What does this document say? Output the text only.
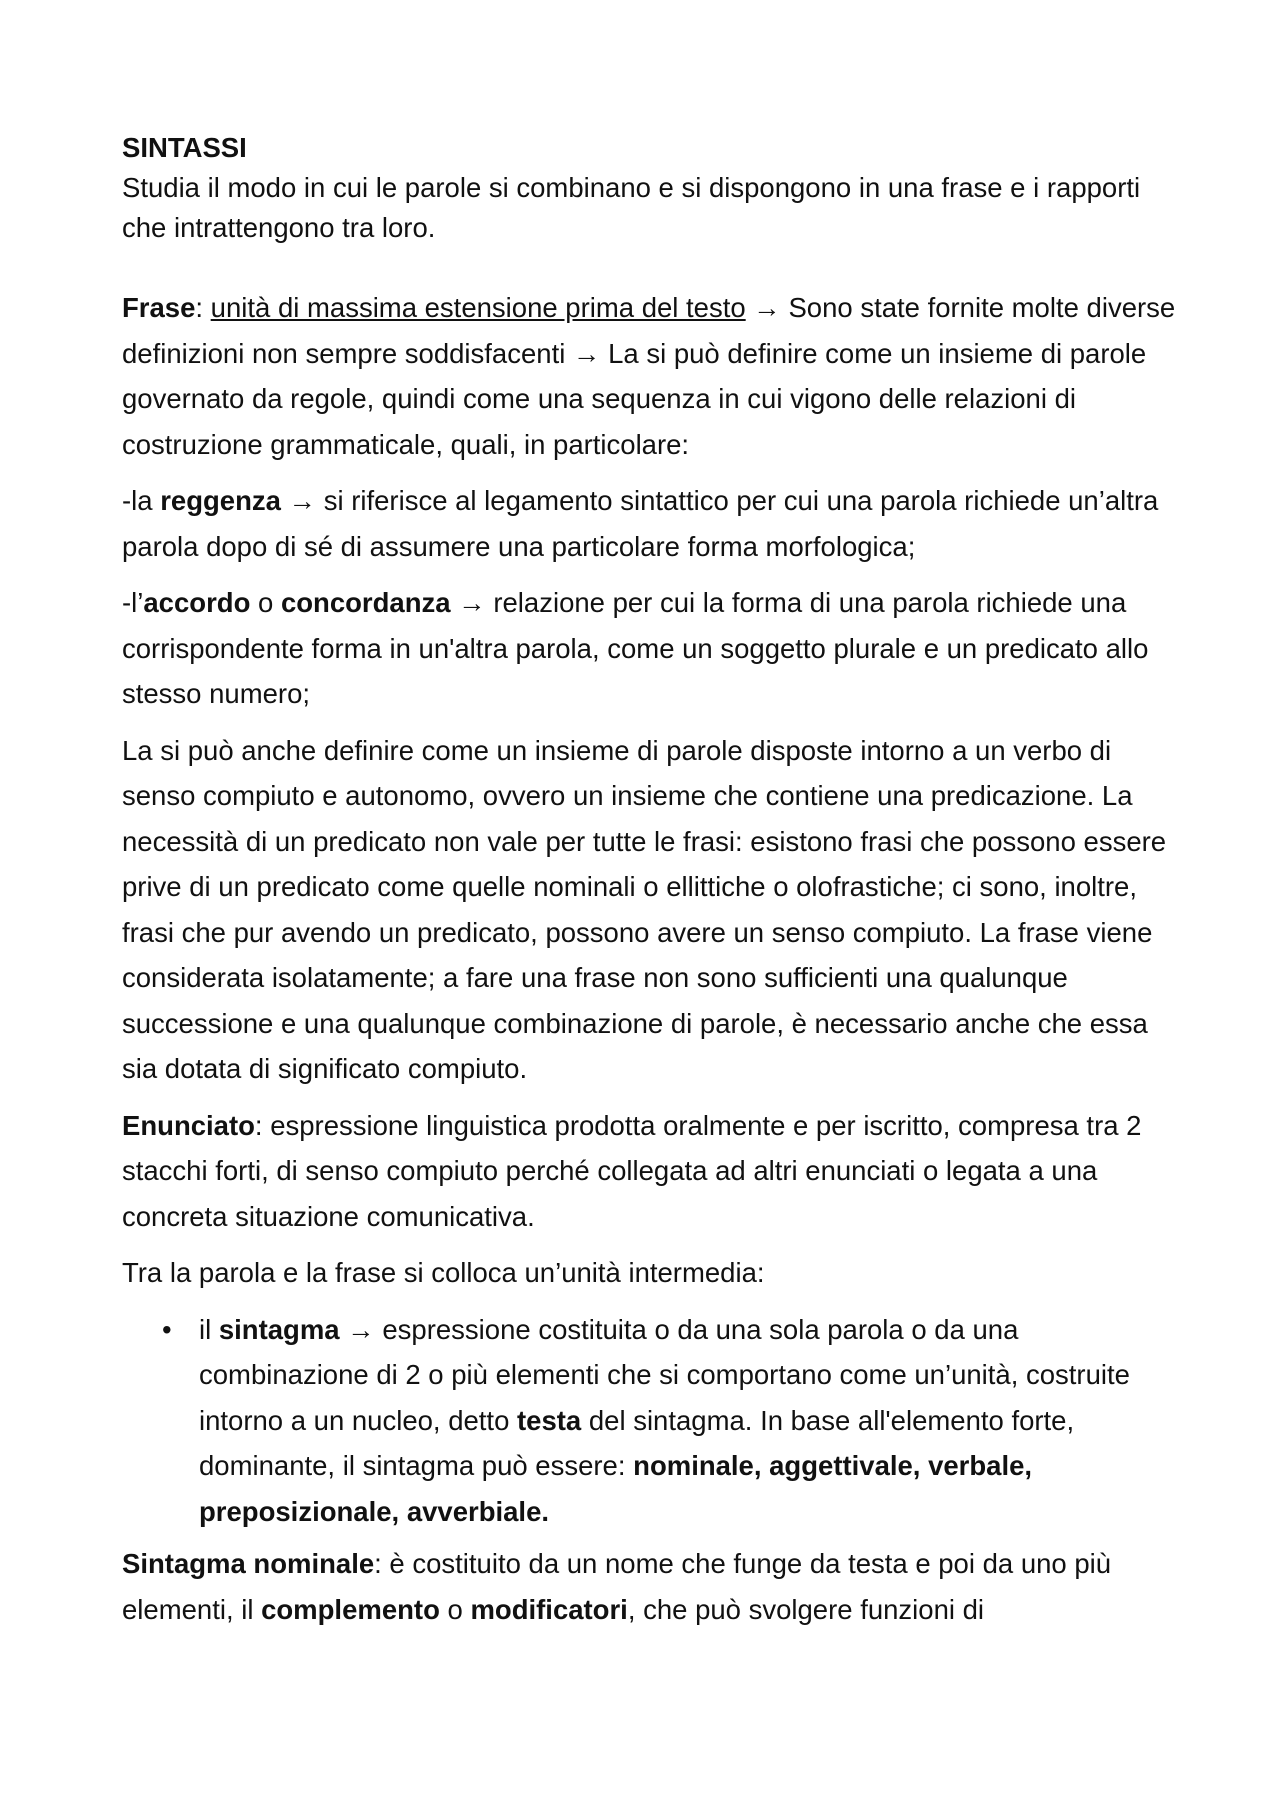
SINTASSI
Studia il modo in cui le parole si combinano e si dispongono in una frase e i rapporti che intrattengono tra loro.

Frase: unità di massima estensione prima del testo → Sono state fornite molte diverse definizioni non sempre soddisfacenti → La si può definire come un insieme di parole governato da regole, quindi come una sequenza in cui vigono delle relazioni di costruzione grammaticale, quali, in particolare:

-la reggenza → si riferisce al legamento sintattico per cui una parola richiede un’altra parola dopo di sé di assumere una particolare forma morfologica;

-l’accordo o concordanza → relazione per cui la forma di una parola richiede una corrispondente forma in un'altra parola, come un soggetto plurale e un predicato allo stesso numero;

La si può anche definire come un insieme di parole disposte intorno a un verbo di senso compiuto e autonomo, ovvero un insieme che contiene una predicazione. La necessità di un predicato non vale per tutte le frasi: esistono frasi che possono essere prive di un predicato come quelle nominali o ellittiche o olofrastiche; ci sono, inoltre, frasi che pur avendo un predicato, possono avere un senso compiuto. La frase viene considerata isolatamente; a fare una frase non sono sufficienti una qualunque successione e una qualunque combinazione di parole, è necessario anche che essa sia dotata di significato compiuto.

Enunciato: espressione linguistica prodotta oralmente e per iscritto, compresa tra 2 stacchi forti, di senso compiuto perché collegata ad altri enunciati o legata a una concreta situazione comunicativa.

Tra la parola e la frase si colloca un’unità intermedia:

• il sintagma → espressione costituita o da una sola parola o da una combinazione di 2 o più elementi che si comportano come un’unità, costruite intorno a un nucleo, detto testa del sintagma. In base all'elemento forte, dominante, il sintagma può essere: nominale, aggettivale, verbale, preposizionale, avverbiale.

Sintagma nominale: è costituito da un nome che funge da testa e poi da uno più elementi, il complemento o modificatori, che può svolgere funzioni di
